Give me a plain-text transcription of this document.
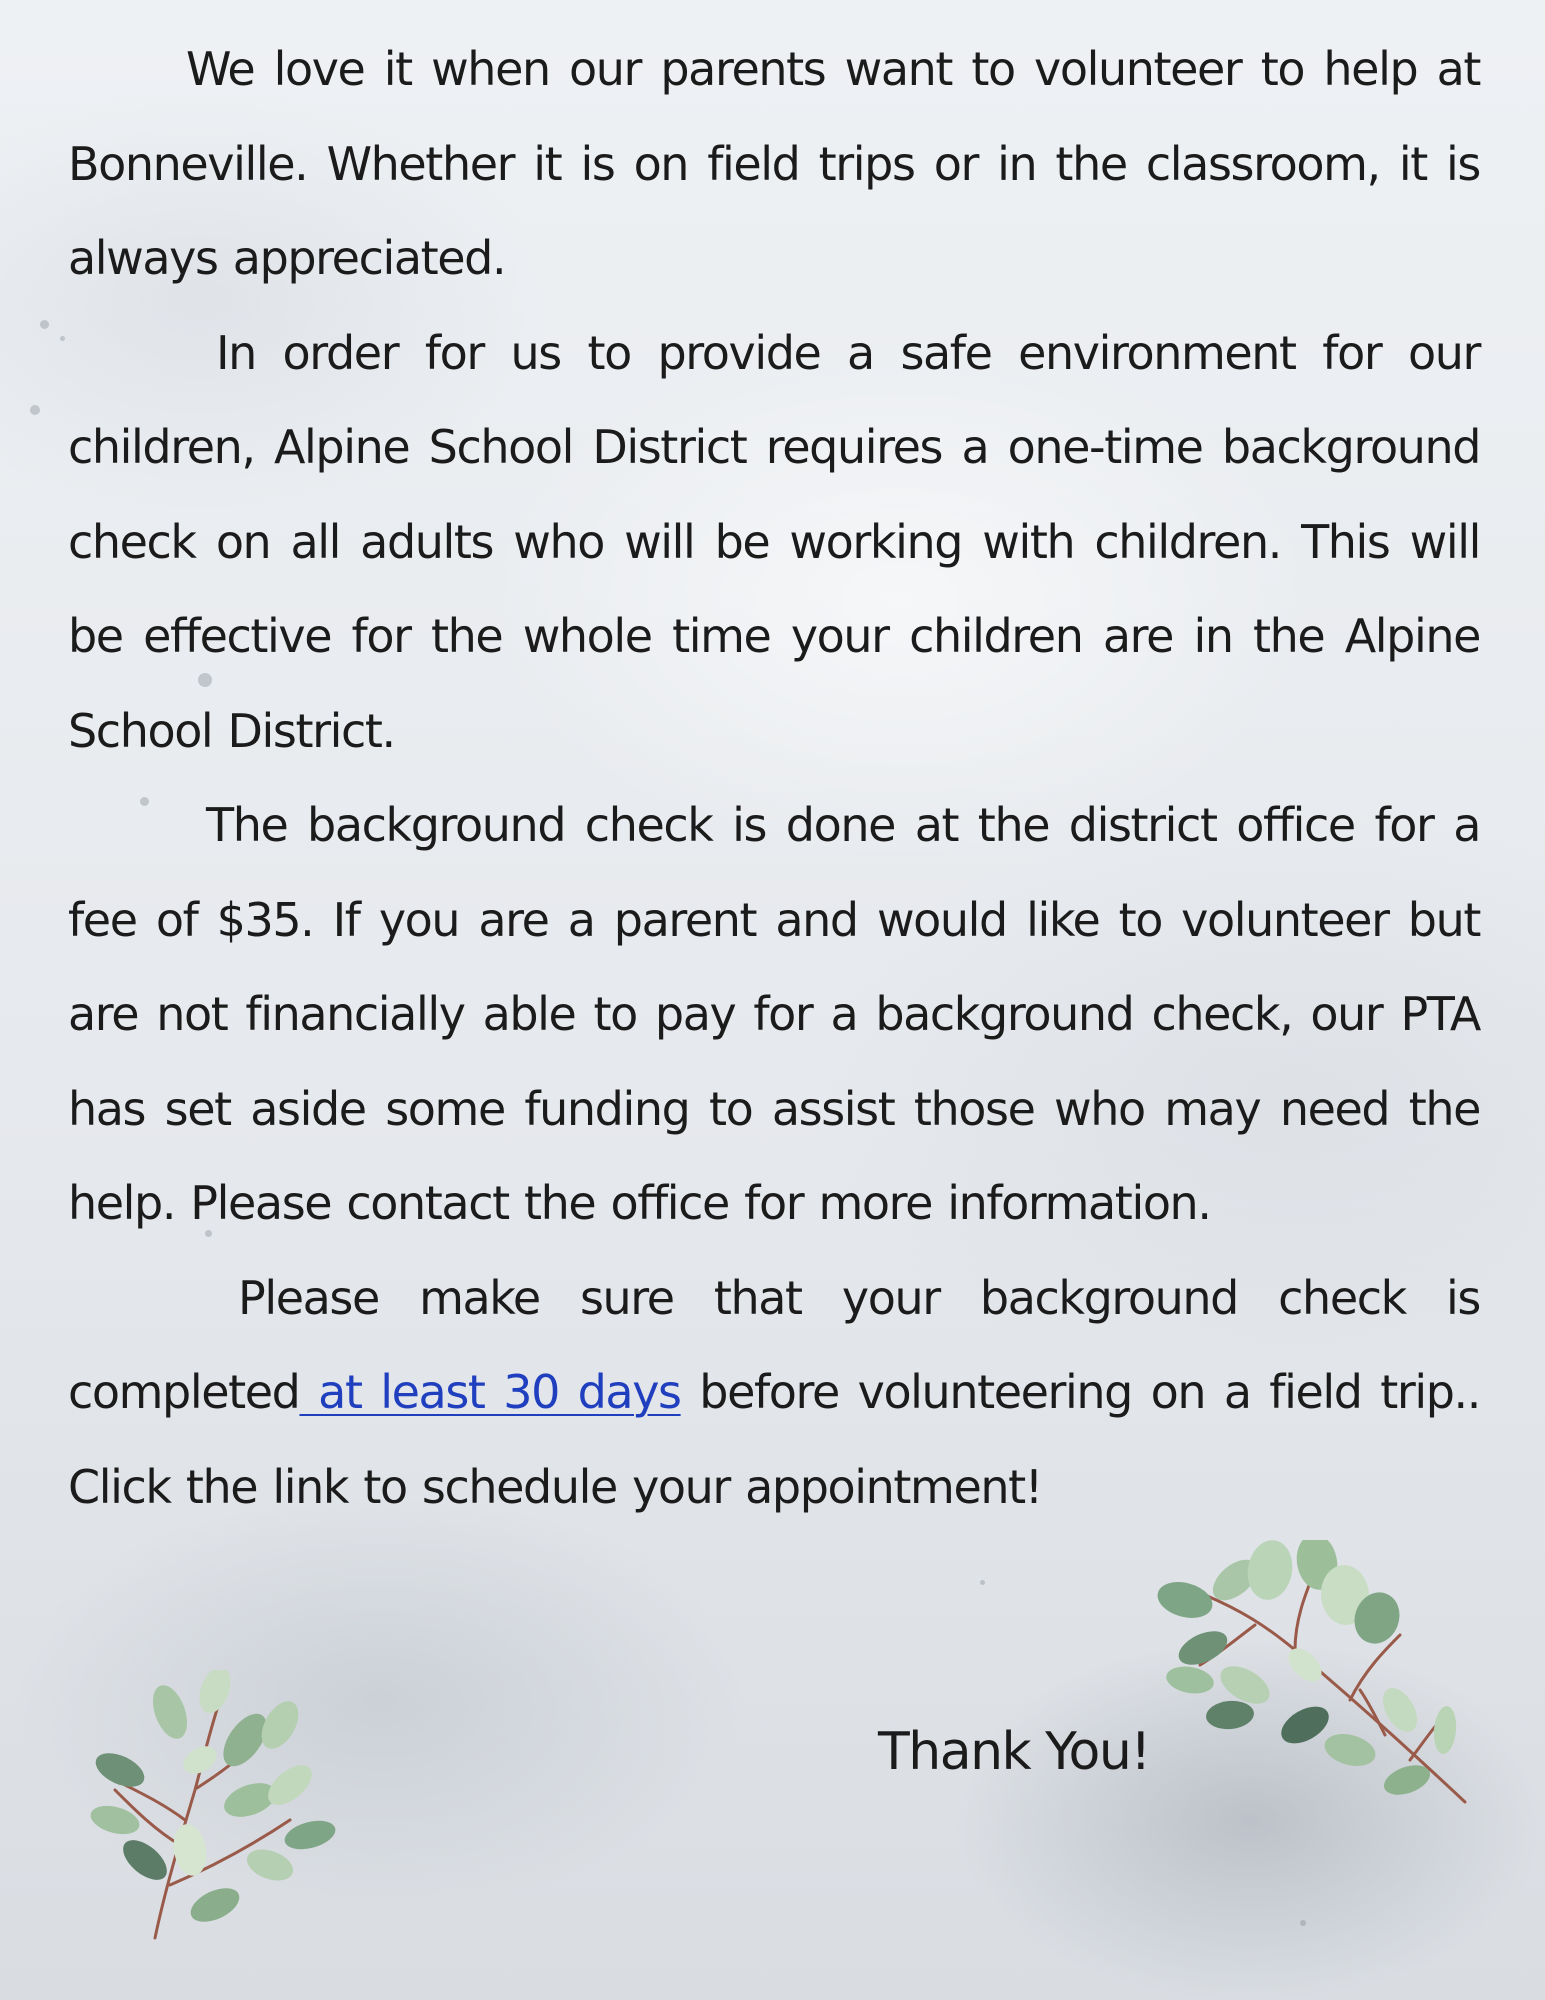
We love it when our parents want to volunteer to help at Bonneville. Whether it is on field trips or in the classroom, it is always appreciated.

In order for us to provide a safe environment for our children, Alpine School District requires a one-time background check on all adults who will be working with children. This will be effective for the whole time your children are in the Alpine School District.

The background check is done at the district office for a fee of $35. If you are a parent and would like to volunteer but are not financially able to pay for a background check, our PTA has set aside some funding to assist those who may need the help. Please contact the office for more information.

Please make sure that your background check is completed at least 30 days before volunteering on a field trip.. Click the link to schedule your appointment!

Thank You!
